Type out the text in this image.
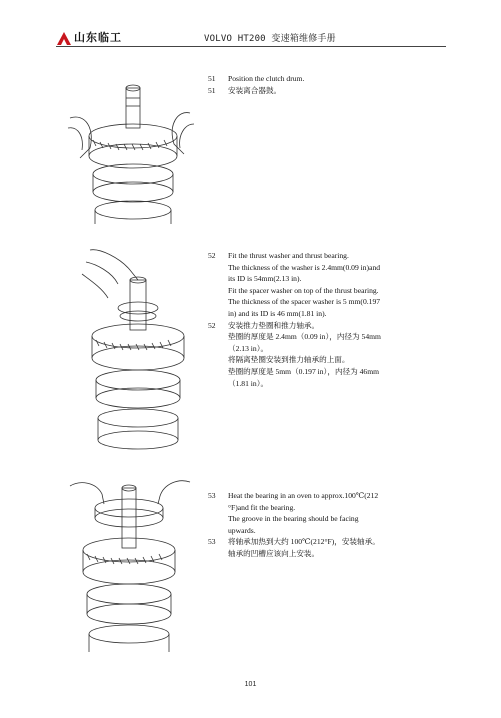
山东临工	VOLVO HT200 变速箱维修手册
51 Position the clutch drum.
51 安装离合器鼓。
52 Fit the thrust washer and thrust bearing.
The thickness of the washer is 2.4mm(0.09 in)and
its ID is 54mm(2.13 in).
Fit the spacer washer on top of the thrust bearing.
The thickness of the spacer washer is 5 mm(0.197
in) and its ID is 46 mm(1.81 in).
52 安装推力垫圈和推力轴承。
垫圈的厚度是 2.4mm（0.09 in），内径为 54mm
（2.13 in）。
将隔离垫圈安装到推力轴承的上面。
垫圈的厚度是 5mm（0.197 in），内径为 46mm
（1.81 in）。
53 Heat the bearing in an oven to approx.100℃(212
°F)and fit the bearing.
The groove in the bearing should be facing
upwards.
53 将轴承加热到大约 100℃(212°F)，安装轴承。
轴承的凹槽应该向上安装。
101
